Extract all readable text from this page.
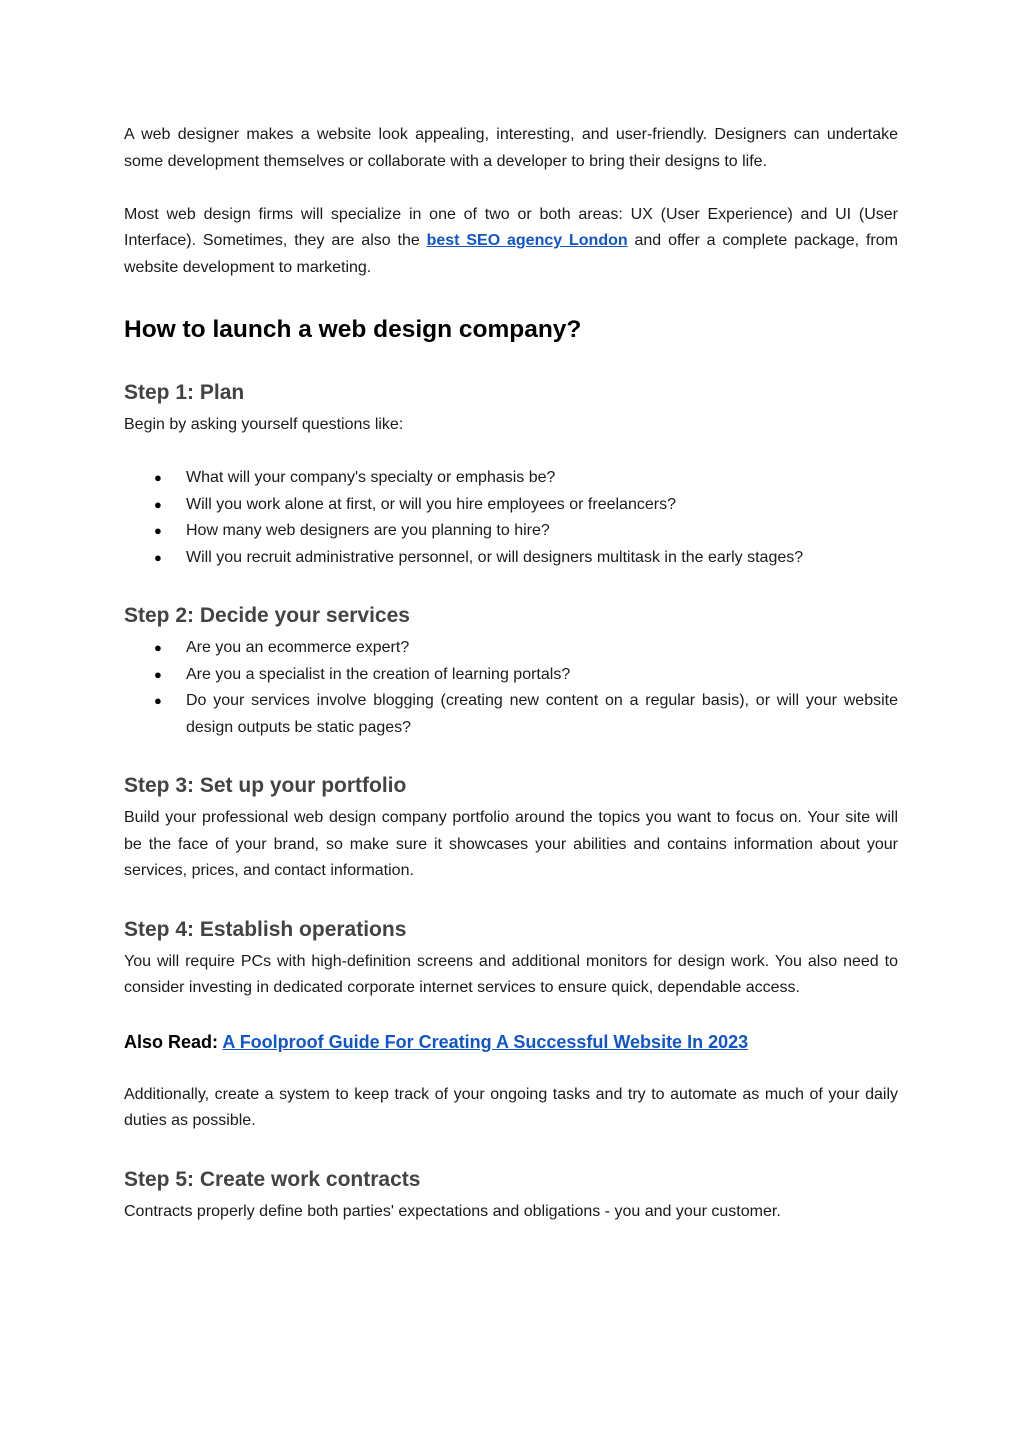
A web designer makes a website look appealing, interesting, and user-friendly. Designers can undertake some development themselves or collaborate with a developer to bring their designs to life.

Most web design firms will specialize in one of two or both areas: UX (User Experience) and UI (User Interface). Sometimes, they are also the best SEO agency London and offer a complete package, from website development to marketing.

How to launch a web design company?
Step 1: Plan

Begin by asking yourself questions like:

● What will your company's specialty or emphasis be?
● Will you work alone at first, or will you hire employees or freelancers?
● How many web designers are you planning to hire?
● Will you recruit administrative personnel, or will designers multitask in the early stages?
Step 2: Decide your services
● Are you an ecommerce expert?
● Are you a specialist in the creation of learning portals?
● Do your services involve blogging (creating new content on a regular basis), or will your website design outputs be static pages?
Step 3: Set up your portfolio

Build your professional web design company portfolio around the topics you want to focus on. Your site will be the face of your brand, so make sure it showcases your abilities and contains information about your services, prices, and contact information.

Step 4: Establish operations

You will require PCs with high-definition screens and additional monitors for design work. You also need to consider investing in dedicated corporate internet services to ensure quick, dependable access.

Also Read: A Foolproof Guide For Creating A Successful Website In 2023

Additionally, create a system to keep track of your ongoing tasks and try to automate as much of your daily duties as possible.

Step 5: Create work contracts

Contracts properly define both parties' expectations and obligations - you and your customer.
